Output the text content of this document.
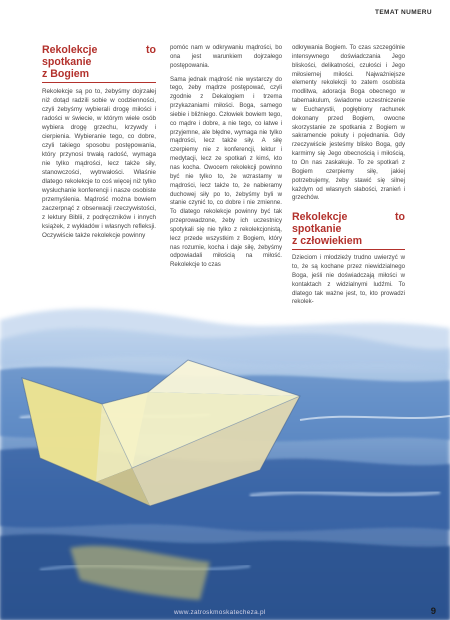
TEMAT NUMERU
Rekolekcje to spotkanie
z Bogiem

Rekolekcje są po to, żebyśmy dojrzałej niż dotąd radzili sobie w codzienności, czyli żebyśmy wybierali drogę miłości i radości w świecie, w którym wiele osób wybiera drogę grzechu, krzywdy i cierpienia. Wybieranie tego, co dobre, czyli takiego sposobu postępowania, który przynosi trwałą radość, wymaga nie tylko mądrości, lecz także siły, stanowczości, wytrwałości. Właśnie dlatego rekolekcje to coś więcej niż tylko wysłuchanie konferencji i nasze osobiste przemyślenia. Mądrość można bowiem zaczerpnąć z obserwacji rzeczywistości, z lektury Biblii, z podręczników i innych książek, z wykładów i własnych refleksji. Oczywiście także rekolekcje powinny

pomóc nam w odkrywaniu mądrości, bo ona jest warunkiem dojrzałego postępowania.

Sama jednak mądrość nie wystarczy do tego, żeby mądrze postępować, czyli zgodnie z Dekalogiem i trzema przykazaniami miłości. Boga, samego siebie i bliźniego. Człowiek bowiem tego, co mądre i dobre, a nie tego, co łatwe i przyjemne, ale błędne, wymaga nie tylko mądrości, lecz także siły. A siłę czerpiemy nie z konferencji, lektur i medytacji, lecz ze spotkań z kimś, kto nas kocha. Owocem rekolekcji powinno być nie tylko to, że wzrastamy w mądrości, lecz także to, że nabieramy duchowej siły po to, żebyśmy byli w stanie czynić to, co dobre i nie zmienne. To dlatego rekolekcje powinny być tak przeprowadzone, żeby ich uczestnicy spotykali się nie tylko z rekolekcjonistą, lecz przede wszystkim z Bogiem, który nas rozumie, kocha i daje siłę, żebyśmy odpowiadali miłością na miłość. Rekolekcje to czas

odkrywania Bogiem. To czas szczególnie intensywnego doświadczania Jego bliskości, delikatności, czułości i Jego miłosiernej miłości. Najważniejsze elementy rekolekcji to zatem osobista modlitwa, adoracja Boga obecnego w tabernakulum, świadome uczestniczenie w Eucharystii, pogłębiony rachunek dokonany przed Bogiem, owocne skorzystanie ze spotkania z Bogiem w sakramencie pokuty i pojednania. Gdy rzeczywiście jesteśmy blisko Boga, gdy karmimy się Jego obecnością i miłością, to On nas zaskakuje. To ze spotkań z Bogiem czerpiemy siłę, jakiej potrzebujemy, żeby stawić się silnej każdym od własnych słabości, zranień i grzechów.

Rekolekcje to spotkanie
z człowiekiem

Dzieciom i młodzieży trudno uwierzyć w to, że są kochane przez niewidzialnego Boga, jeśli nie doświadczają miłości w kontaktach z widzialnymi ludźmi. To dlatego tak ważne jest, to, kto prowadzi rekolek-

www.zatroskmoskatecheza.pl	9
